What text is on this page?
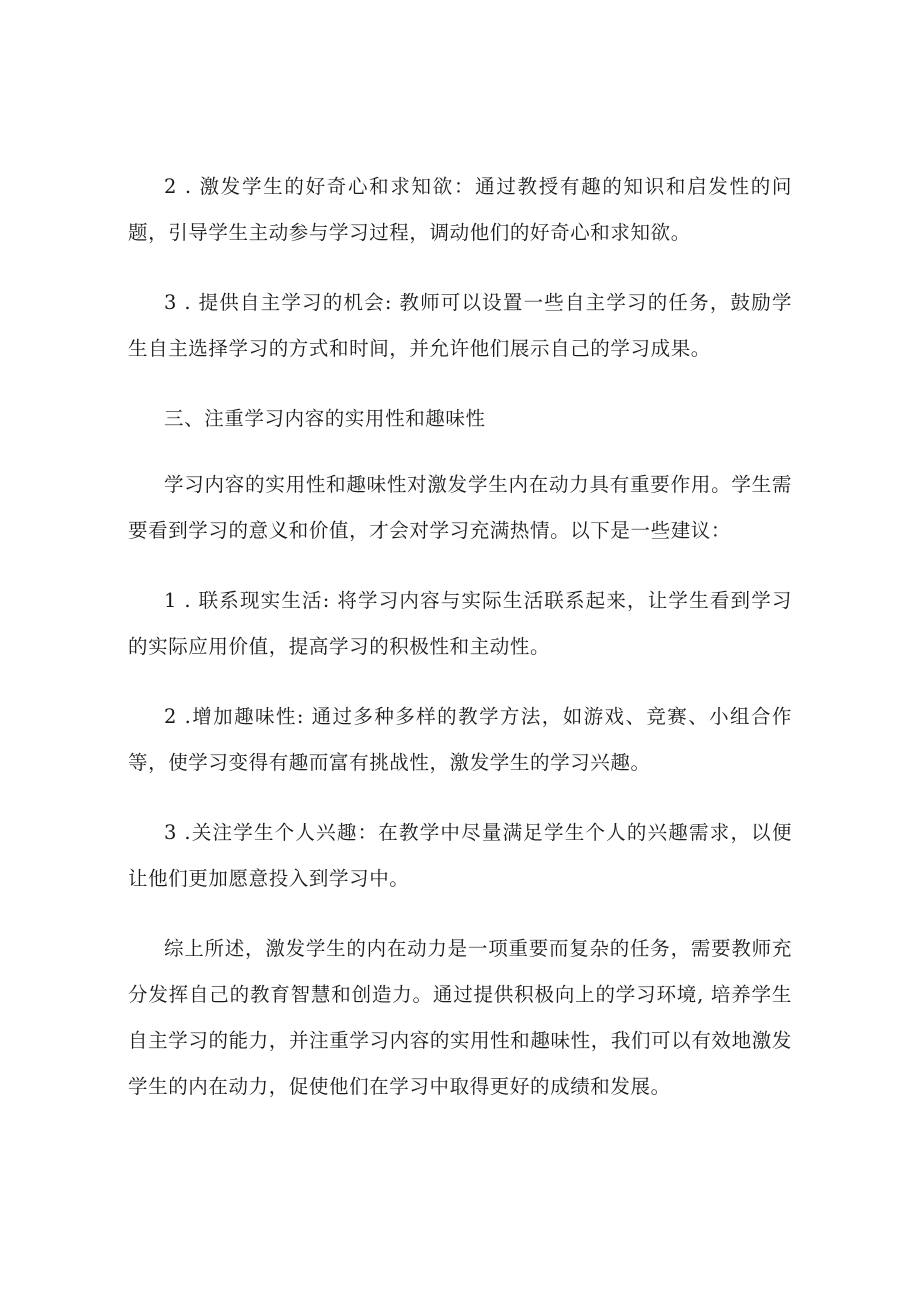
2 . 激发学生的好奇心和求知欲：通过教授有趣的知识和启发性的问题，引导学生主动参与学习过程，调动他们的好奇心和求知欲。

3 . 提供自主学习的机会: 教师可以设置一些自主学习的任务，鼓励学生自主选择学习的方式和时间，并允许他们展示自己的学习成果。

三、注重学习内容的实用性和趣味性

学习内容的实用性和趣味性对激发学生内在动力具有重要作用。学生需要看到学习的意义和价值，才会对学习充满热情。以下是一些建议：

1 . 联系现实生活: 将学习内容与实际生活联系起来，让学生看到学习的实际应用价值，提高学习的积极性和主动性。

2 .增加趣味性: 通过多种多样的教学方法，如游戏、竞赛、小组合作等，使学习变得有趣而富有挑战性，激发学生的学习兴趣。

3 .关注学生个人兴趣：在教学中尽量满足学生个人的兴趣需求，以便让他们更加愿意投入到学习中。

综上所述，激发学生的内在动力是一项重要而复杂的任务，需要教师充分发挥自己的教育智慧和创造力。通过提供积极向上的学习环境, 培养学生自主学习的能力，并注重学习内容的实用性和趣味性，我们可以有效地激发学生的内在动力，促使他们在学习中取得更好的成绩和发展。
